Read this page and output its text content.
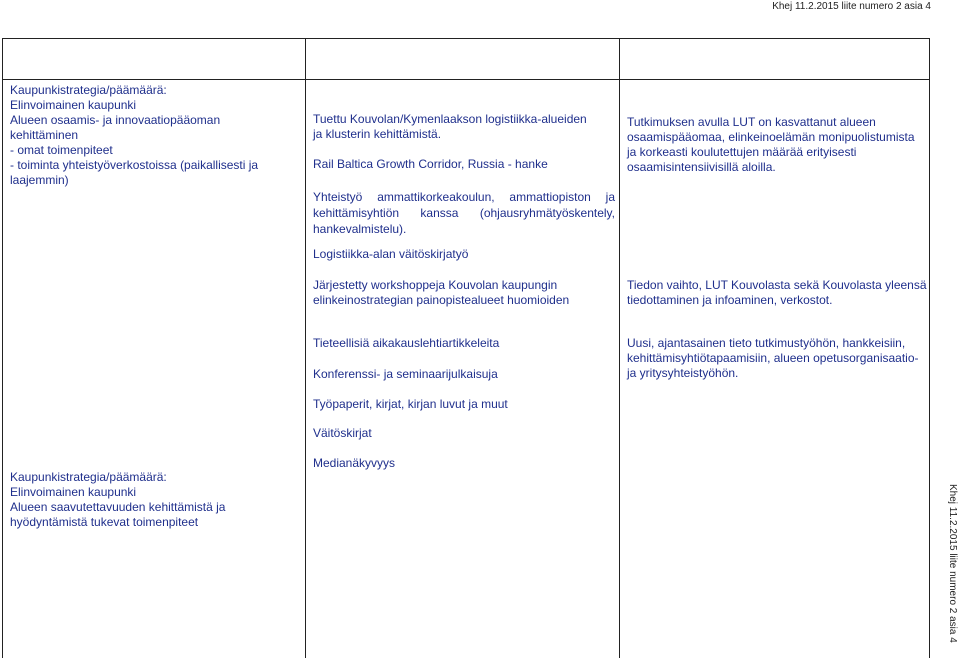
Khej 11.2.2015 liite numero 2 asia 4

Kaupunkistrategia/päämäärä:

Elinvoimainen kaupunki

Alueen osaamis- ja innovaatiopääoman

kehittäminen

- omat toimenpiteet

- toiminta yhteistyöverkostoissa (paikallisesti ja

laajemmin)

Tuettu Kouvolan/Kymenlaakson logistiikka-alueiden

ja klusterin kehittämistä.

Rail Baltica Growth Corridor, Russia - hanke
Yhteistyö ammattikorkeakoulun, ammattiopiston ja kehittämisyhtiön kanssa (ohjausryhmätyöskentely, hankevalmistelu).
Logistiikka-alan väitöskirjatyö
Järjestetty workshoppeja Kouvolan kaupungin elinkeinostrategian painopistealueet huomioiden
Tutkimuksen avulla LUT on kasvattanut alueen osaamispääomaa, elinkeinoelämän monipuolistumista ja korkeasti koulutettujen määrää erityisesti osaamisintensiivisillä aloilla.
Tiedon vaihto, LUT Kouvolasta sekä Kouvolasta yleensä tiedottaminen ja infoaminen, verkostot.
Tieteellisiä aikakauslehtiartikkeleita
Konferenssi- ja seminaarijulkaisuja
Työpaperit, kirjat, kirjan luvut ja muut
Väitöskirjat
Medianäkyvyys
Uusi, ajantasainen tieto tutkimustyöhön, hankkeisiin, kehittämisyhtiötapaamisiin, alueen opetusorganisaatio- ja yritysyhteistyöhön.

Kaupunkistrategia/päämäärä:

Elinvoimainen kaupunki

Alueen saavutettavuuden kehittämistä ja

hyödyntämistä tukevat toimenpiteet	Khej 11.2.2015 liite numero 2 asia 4
